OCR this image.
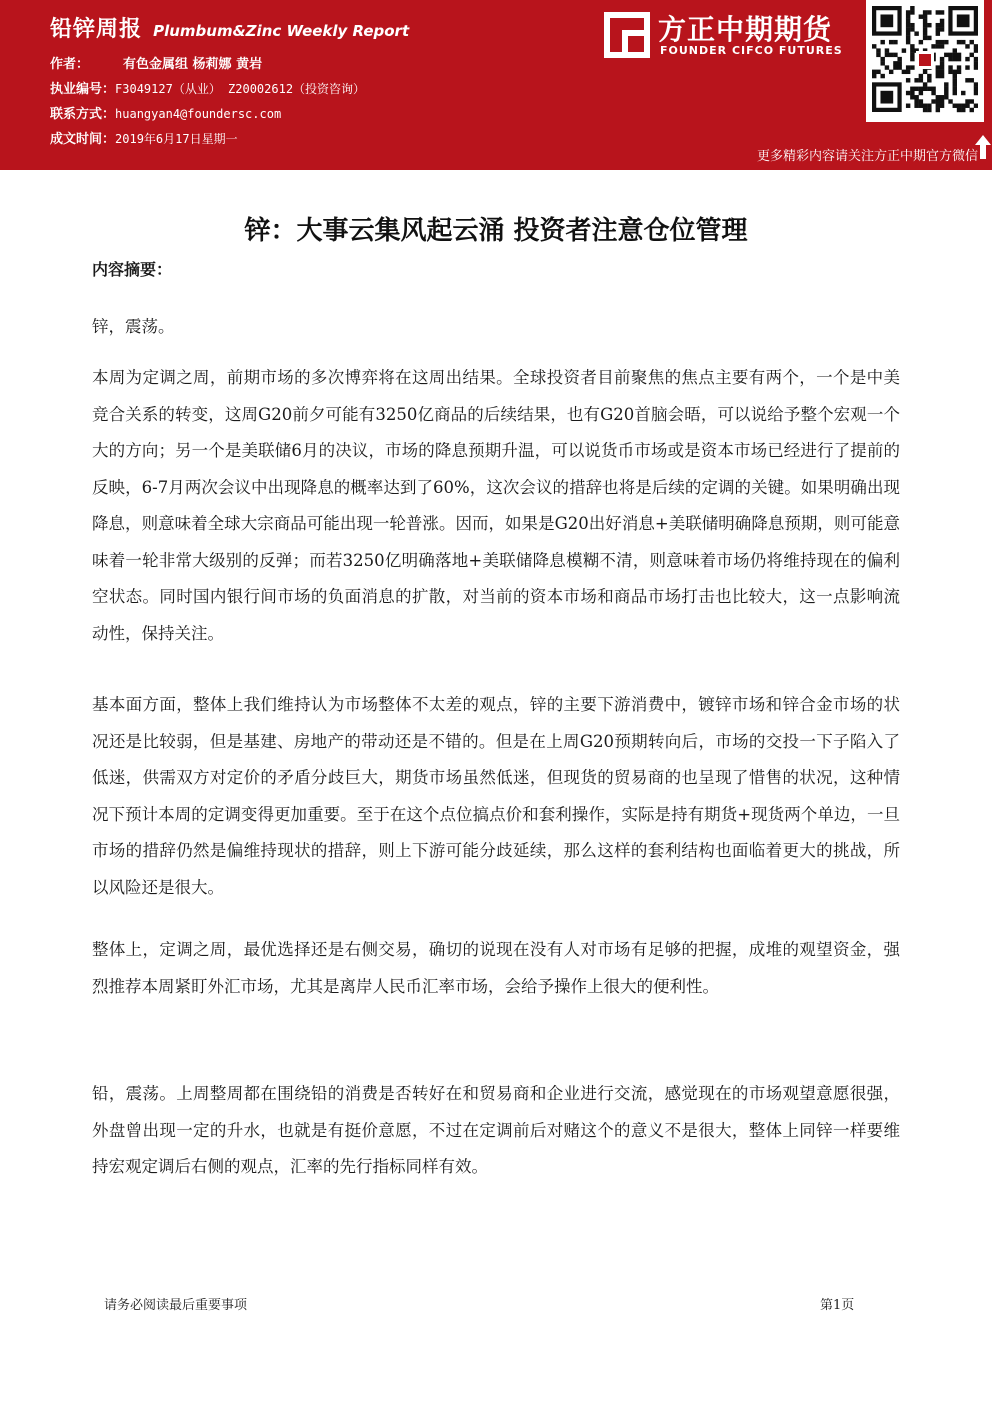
铅锌周报 Plumbum&Zinc Weekly Report
作者：	有色金属组 杨莉娜 黄岩
执业编号：F3049127（从业） Z20002612（投资咨询）
联系方式：huangyan4@foundersc.com
成文时间：2019年6月17日星期一
方正中期期货
FOUNDER CIFCO FUTURES
更多精彩内容请关注方正中期官方微信
锌：大事云集风起云涌 投资者注意仓位管理
内容摘要：
锌，震荡。
本周为定调之周，前期市场的多次博弈将在这周出结果。全球投资者目前聚焦的焦点主要有两个，一个是中美竞合关系的转变，这周G20前夕可能有3250亿商品的后续结果，也有G20首脑会晤，可以说给予整个宏观一个大的方向；另一个是美联储6月的决议，市场的降息预期升温，可以说货币市场或是资本市场已经进行了提前的反映，6-7月两次会议中出现降息的概率达到了60%，这次会议的措辞也将是后续的定调的关键。如果明确出现降息，则意味着全球大宗商品可能出现一轮普涨。因而，如果是G20出好消息+美联储明确降息预期，则可能意味着一轮非常大级别的反弹；而若3250亿明确落地+美联储降息模糊不清，则意味着市场仍将维持现在的偏利空状态。同时国内银行间市场的负面消息的扩散，对当前的资本市场和商品市场打击也比较大，这一点影响流动性，保持关注。
基本面方面，整体上我们维持认为市场整体不太差的观点，锌的主要下游消费中，镀锌市场和锌合金市场的状况还是比较弱，但是基建、房地产的带动还是不错的。但是在上周G20预期转向后，市场的交投一下子陷入了低迷，供需双方对定价的矛盾分歧巨大，期货市场虽然低迷，但现货的贸易商的也呈现了惜售的状况，这种情况下预计本周的定调变得更加重要。至于在这个点位搞点价和套利操作，实际是持有期货+现货两个单边，一旦市场的措辞仍然是偏维持现状的措辞，则上下游可能分歧延续，那么这样的套利结构也面临着更大的挑战，所以风险还是很大。
整体上，定调之周，最优选择还是右侧交易，确切的说现在没有人对市场有足够的把握，成堆的观望资金，强烈推荐本周紧盯外汇市场，尤其是离岸人民币汇率市场，会给予操作上很大的便利性。
铅，震荡。上周整周都在围绕铅的消费是否转好在和贸易商和企业进行交流，感觉现在的市场观望意愿很强，外盘曾出现一定的升水，也就是有挺价意愿，不过在定调前后对赌这个的意义不是很大，整体上同锌一样要维持宏观定调后右侧的观点，汇率的先行指标同样有效。
请务必阅读最后重要事项	第1页
